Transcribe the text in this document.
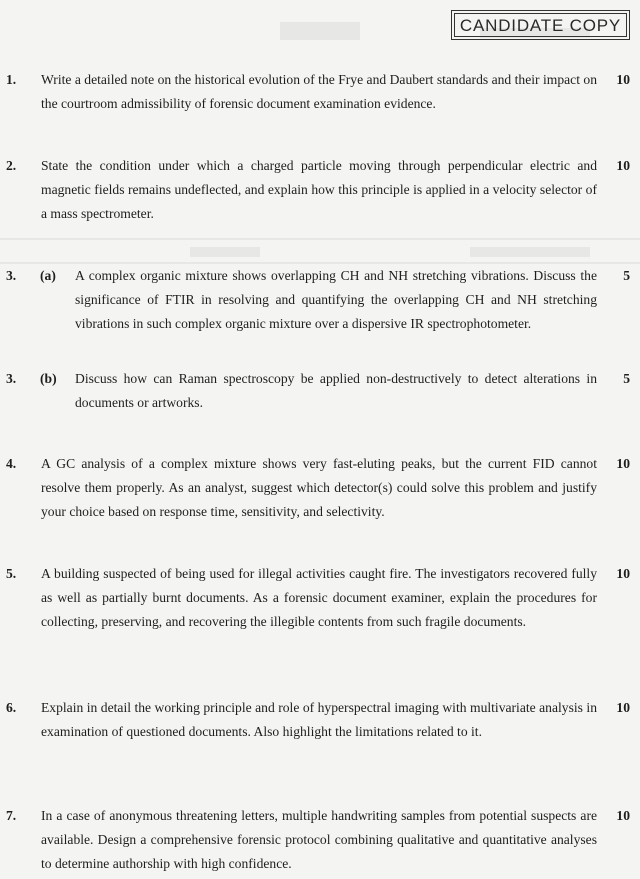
CANDIDATE COPY
1. Write a detailed note on the historical evolution of the Frye and Daubert standards and their impact on the courtroom admissibility of forensic document examination evidence.
10
2. State the condition under which a charged particle moving through perpendicular electric and magnetic fields remains undeflected, and explain how this principle is applied in a velocity selector of a mass spectrometer.
10
3. (a) A complex organic mixture shows overlapping CH and NH stretching vibrations. Discuss the significance of FTIR in resolving and quantifying the overlapping CH and NH stretching vibrations in such complex organic mixture over a dispersive IR spectrophotometer.
5
3. (b) Discuss how can Raman spectroscopy be applied non-destructively to detect alterations in documents or artworks.
5
4. A GC analysis of a complex mixture shows very fast-eluting peaks, but the current FID cannot resolve them properly. As an analyst, suggest which detector(s) could solve this problem and justify your choice based on response time, sensitivity, and selectivity.
10
5. A building suspected of being used for illegal activities caught fire. The investigators recovered fully as well as partially burnt documents. As a forensic document examiner, explain the procedures for collecting, preserving, and recovering the illegible contents from such fragile documents.
10
6. Explain in detail the working principle and role of hyperspectral imaging with multivariate analysis in examination of questioned documents. Also highlight the limitations related to it.
10
7. In a case of anonymous threatening letters, multiple handwriting samples from potential suspects are available. Design a comprehensive forensic protocol combining qualitative and quantitative analyses to determine authorship with high confidence.
10
